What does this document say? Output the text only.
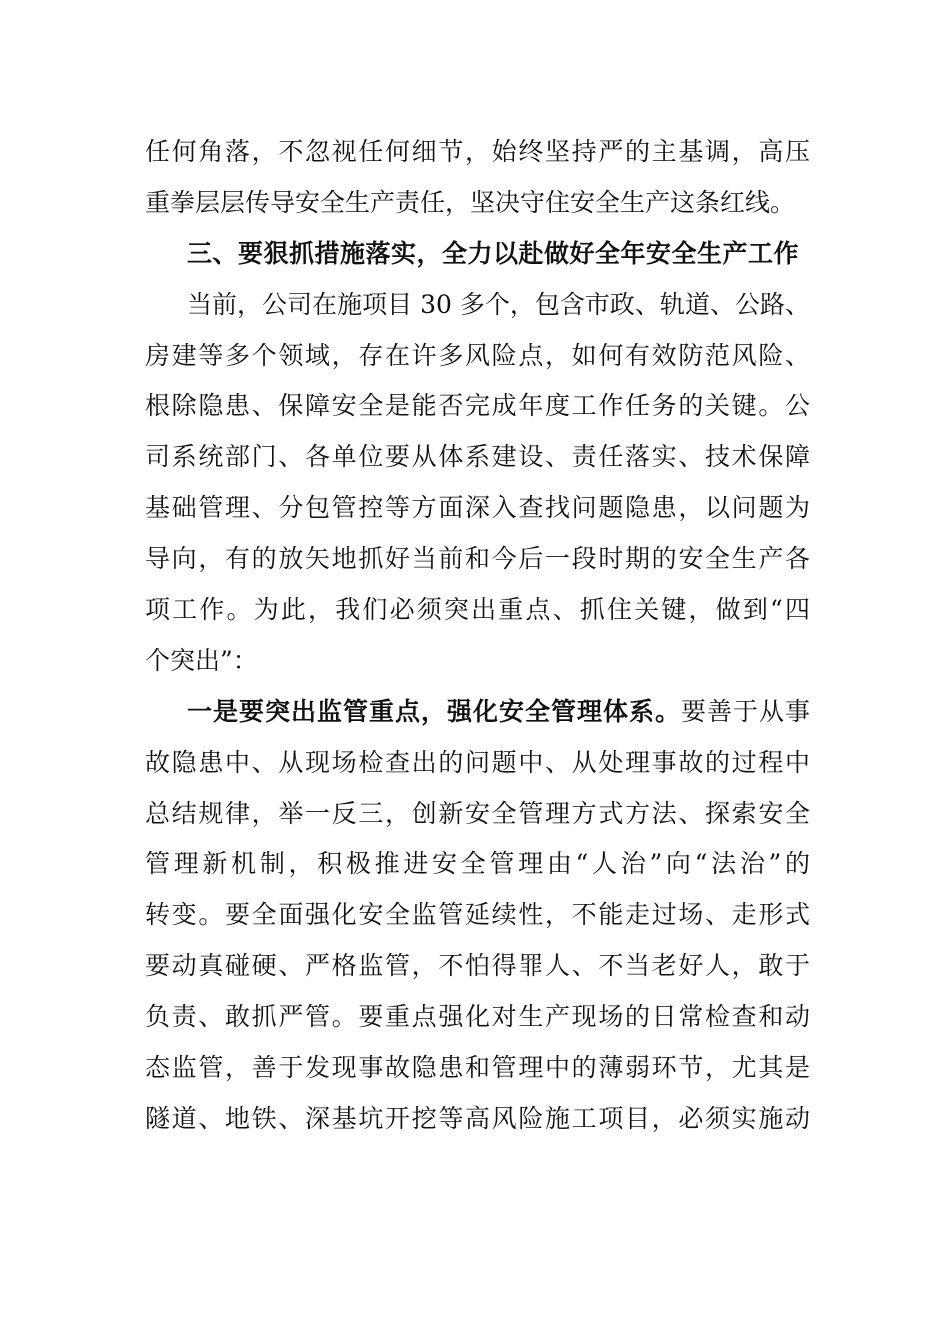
任何角落，不忽视任何细节，始终坚持严的主基调，高压
重拳层层传导安全生产责任，坚决守住安全生产这条红线。
三、要狠抓措施落实，全力以赴做好全年安全生产工作
当前，公司在施项目 30 多个，包含市政、轨道、公路、
房建等多个领域，存在许多风险点，如何有效防范风险、
根除隐患、保障安全是能否完成年度工作任务的关键。公
司系统部门、各单位要从体系建设、责任落实、技术保障
基础管理、分包管控等方面深入查找问题隐患，以问题为
导向，有的放矢地抓好当前和今后一段时期的安全生产各
项工作。为此，我们必须突出重点、抓住关键，做到“四
个突出”：
一是要突出监管重点，强化安全管理体系。要善于从事
故隐患中、从现场检查出的问题中、从处理事故的过程中
总结规律，举一反三，创新安全管理方式方法、探索安全
管理新机制，积极推进安全管理由“人治”向“法治”的
转变。要全面强化安全监管延续性，不能走过场、走形式
要动真碰硬、严格监管，不怕得罪人、不当老好人，敢于
负责、敢抓严管。要重点强化对生产现场的日常检查和动
态监管，善于发现事故隐患和管理中的薄弱环节，尤其是
隧道、地铁、深基坑开挖等高风险施工项目，必须实施动
